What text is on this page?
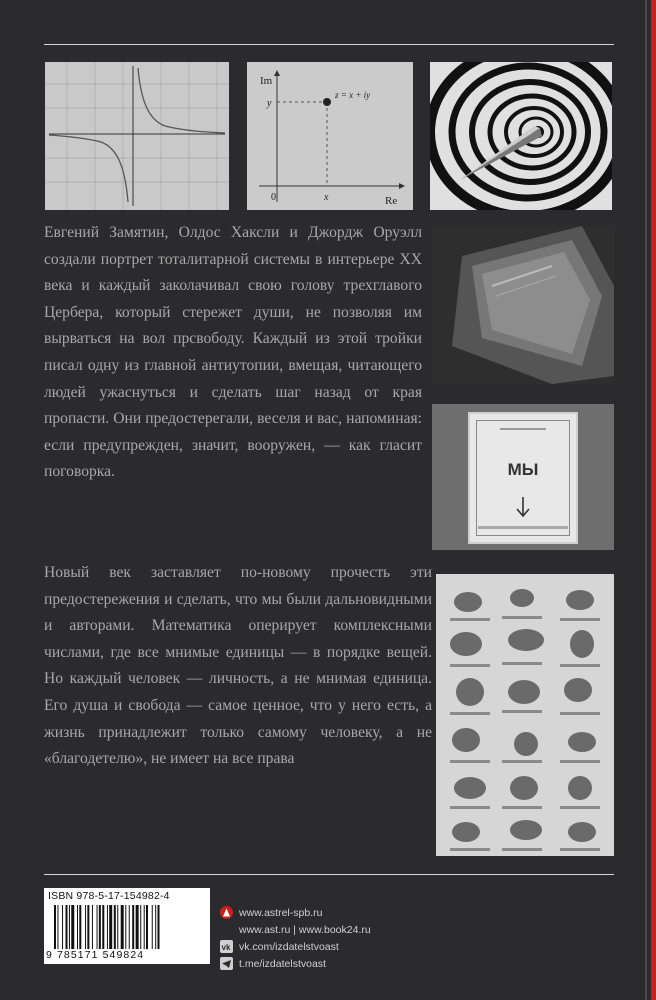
Im
Re
0	x
y
z = x + iy

Евгений Замятин, Олдос Хаксли и Джордж Оруэлл создали портрет тоталитарной системы в интерьере XX века и каждый заколачивал свою голову трехглавого Цербера, который стережет души, не позволяя им вырваться на вол прсвободу. Каждый из этой тройки писал одну из главной антиутопии, вмещая, читающего людей ужаснуться и сделать шаг назад от края пропасти. Они предостерегали, веселя и вас, напоминая: если предупрежден, значит, вооружен, — как гласит поговорка.	МЫ

Новый век заставляет по-новому прочесть эти предостережения и сделать, что мы были дальновидными и авторами. Математика оперирует комплексными числами, где все мнимые единицы — в порядке вещей. Но каждый человек — личность, а не мнимая единица. Его душа и свобода — самое ценное, что у него есть, а жизнь принадлежит только самому человеку, а не «благодетелю», не имеет на все права

ISBN 978-5-17-154982-4
9 785171 549824
www.astrel-spb.ru
www.ast.ru | www.book24.ru
vk vk.com/izdatelstvoast
t.me/izdatelstvoast
